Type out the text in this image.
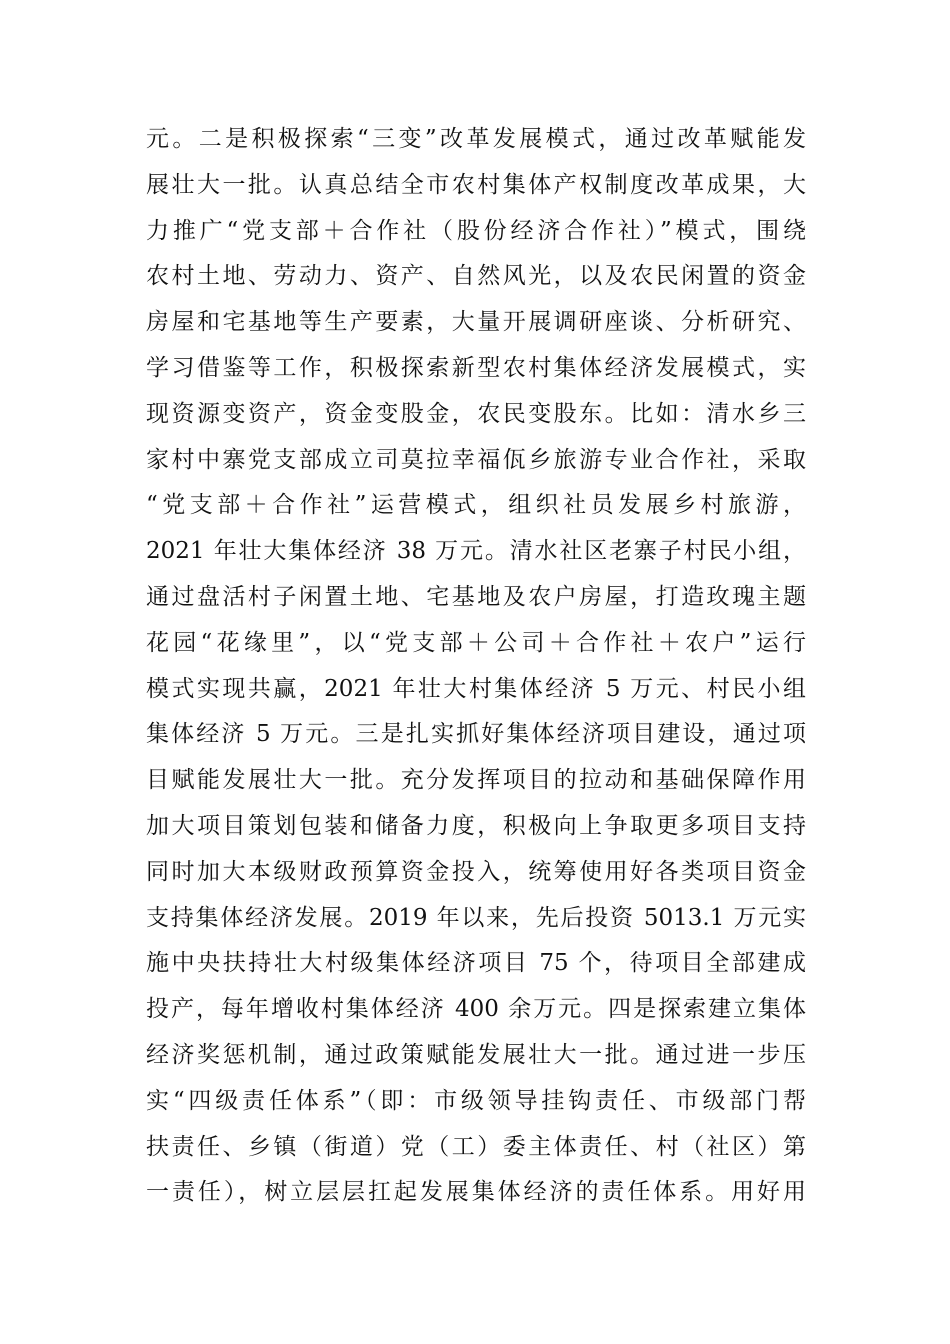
元。二是积极探索“三变”改革发展模式，通过改革赋能发
展壮大一批。认真总结全市农村集体产权制度改革成果，大
力推广“党支部＋合作社（股份经济合作社）”模式，围绕
农村土地、劳动力、资产、自然风光，以及农民闲置的资金
房屋和宅基地等生产要素，大量开展调研座谈、分析研究、
学习借鉴等工作，积极探索新型农村集体经济发展模式，实
现资源变资产，资金变股金，农民变股东。比如：清水乡三
家村中寨党支部成立司莫拉幸福佤乡旅游专业合作社，采取
“党支部＋合作社”运营模式，组织社员发展乡村旅游，
2021 年壮大集体经济 38 万元。清水社区老寨子村民小组，
通过盘活村子闲置土地、宅基地及农户房屋，打造玫瑰主题
花园“花缘里”，以“党支部＋公司＋合作社＋农户”运行
模式实现共赢，2021 年壮大村集体经济 5 万元、村民小组
集体经济 5 万元。三是扎实抓好集体经济项目建设，通过项
目赋能发展壮大一批。充分发挥项目的拉动和基础保障作用
加大项目策划包装和储备力度，积极向上争取更多项目支持
同时加大本级财政预算资金投入，统筹使用好各类项目资金
支持集体经济发展。2019 年以来，先后投资 5013.1 万元实
施中央扶持壮大村级集体经济项目 75 个，待项目全部建成
投产，每年增收村集体经济 400 余万元。四是探索建立集体
经济奖惩机制，通过政策赋能发展壮大一批。通过进一步压
实“四级责任体系”（即：市级领导挂钩责任、市级部门帮
扶责任、乡镇（街道）党（工）委主体责任、村（社区）第
一责任），树立层层扛起发展集体经济的责任体系。用好用
